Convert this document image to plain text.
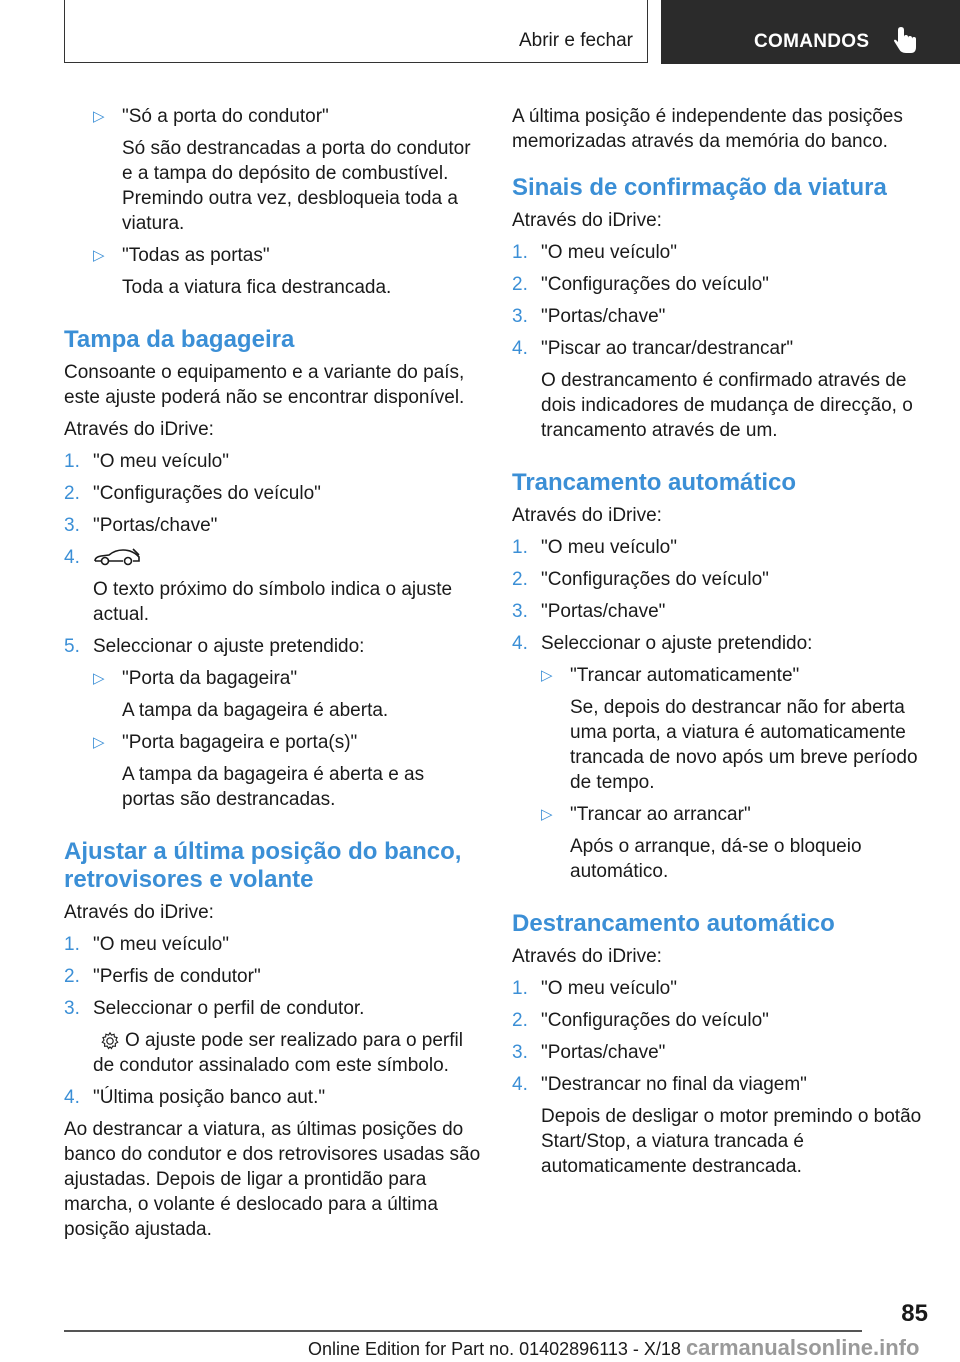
Abrir e fechar	COMANDOS
▷ "Só a porta do condutor"
Só são destrancadas a porta do condutor e a tampa do depósito de combustível. Premindo outra vez, desbloqueia toda a viatura.
▷ "Todas as portas"
Toda a viatura fica destrancada.
Tampa da bagageira
Consoante o equipamento e a variante do país, este ajuste poderá não se encontrar disponível.
Através do iDrive:
1. "O meu veículo"
2. "Configurações do veículo"
3. "Portas/chave"
4.
O texto próximo do símbolo indica o ajuste actual.
5. Seleccionar o ajuste pretendido:
▷ "Porta da bagageira"
A tampa da bagageira é aberta.
▷ "Porta bagageira e porta(s)"
A tampa da bagageira é aberta e as portas são destrancadas.
Ajustar a última posição do banco, retrovisores e volante
Através do iDrive:
1. "O meu veículo"
2. "Perfis de condutor"
3. Seleccionar o perfil de condutor.
O ajuste pode ser realizado para o perfil de condutor assinalado com este símbolo.
4. "Última posição banco aut."
Ao destrancar a viatura, as últimas posições do banco do condutor e dos retrovisores usadas são ajustadas. Depois de ligar a prontidão para marcha, o volante é deslocado para a última posição ajustada.
A última posição é independente das posições memorizadas através da memória do banco.
Sinais de confirmação da viatura
Através do iDrive:
1. "O meu veículo"
2. "Configurações do veículo"
3. "Portas/chave"
4. "Piscar ao trancar/destrancar"
O destrancamento é confirmado através de dois indicadores de mudança de direcção, o trancamento através de um.
Trancamento automático
Através do iDrive:
1. "O meu veículo"
2. "Configurações do veículo"
3. "Portas/chave"
4. Seleccionar o ajuste pretendido:
▷ "Trancar automaticamente"
Se, depois do destrancar não for aberta uma porta, a viatura é automaticamente trancada de novo após um breve período de tempo.
▷ "Trancar ao arrancar"
Após o arranque, dá-se o bloqueio automático.
Destrancamento automático
Através do iDrive:
1. "O meu veículo"
2. "Configurações do veículo"
3. "Portas/chave"
4. "Destrancar no final da viagem"
Depois de desligar o motor premindo o botão Start/Stop, a viatura trancada é automaticamente destrancada.
85
Online Edition for Part no. 01402896113 - X/18 carmanualsonline.info
